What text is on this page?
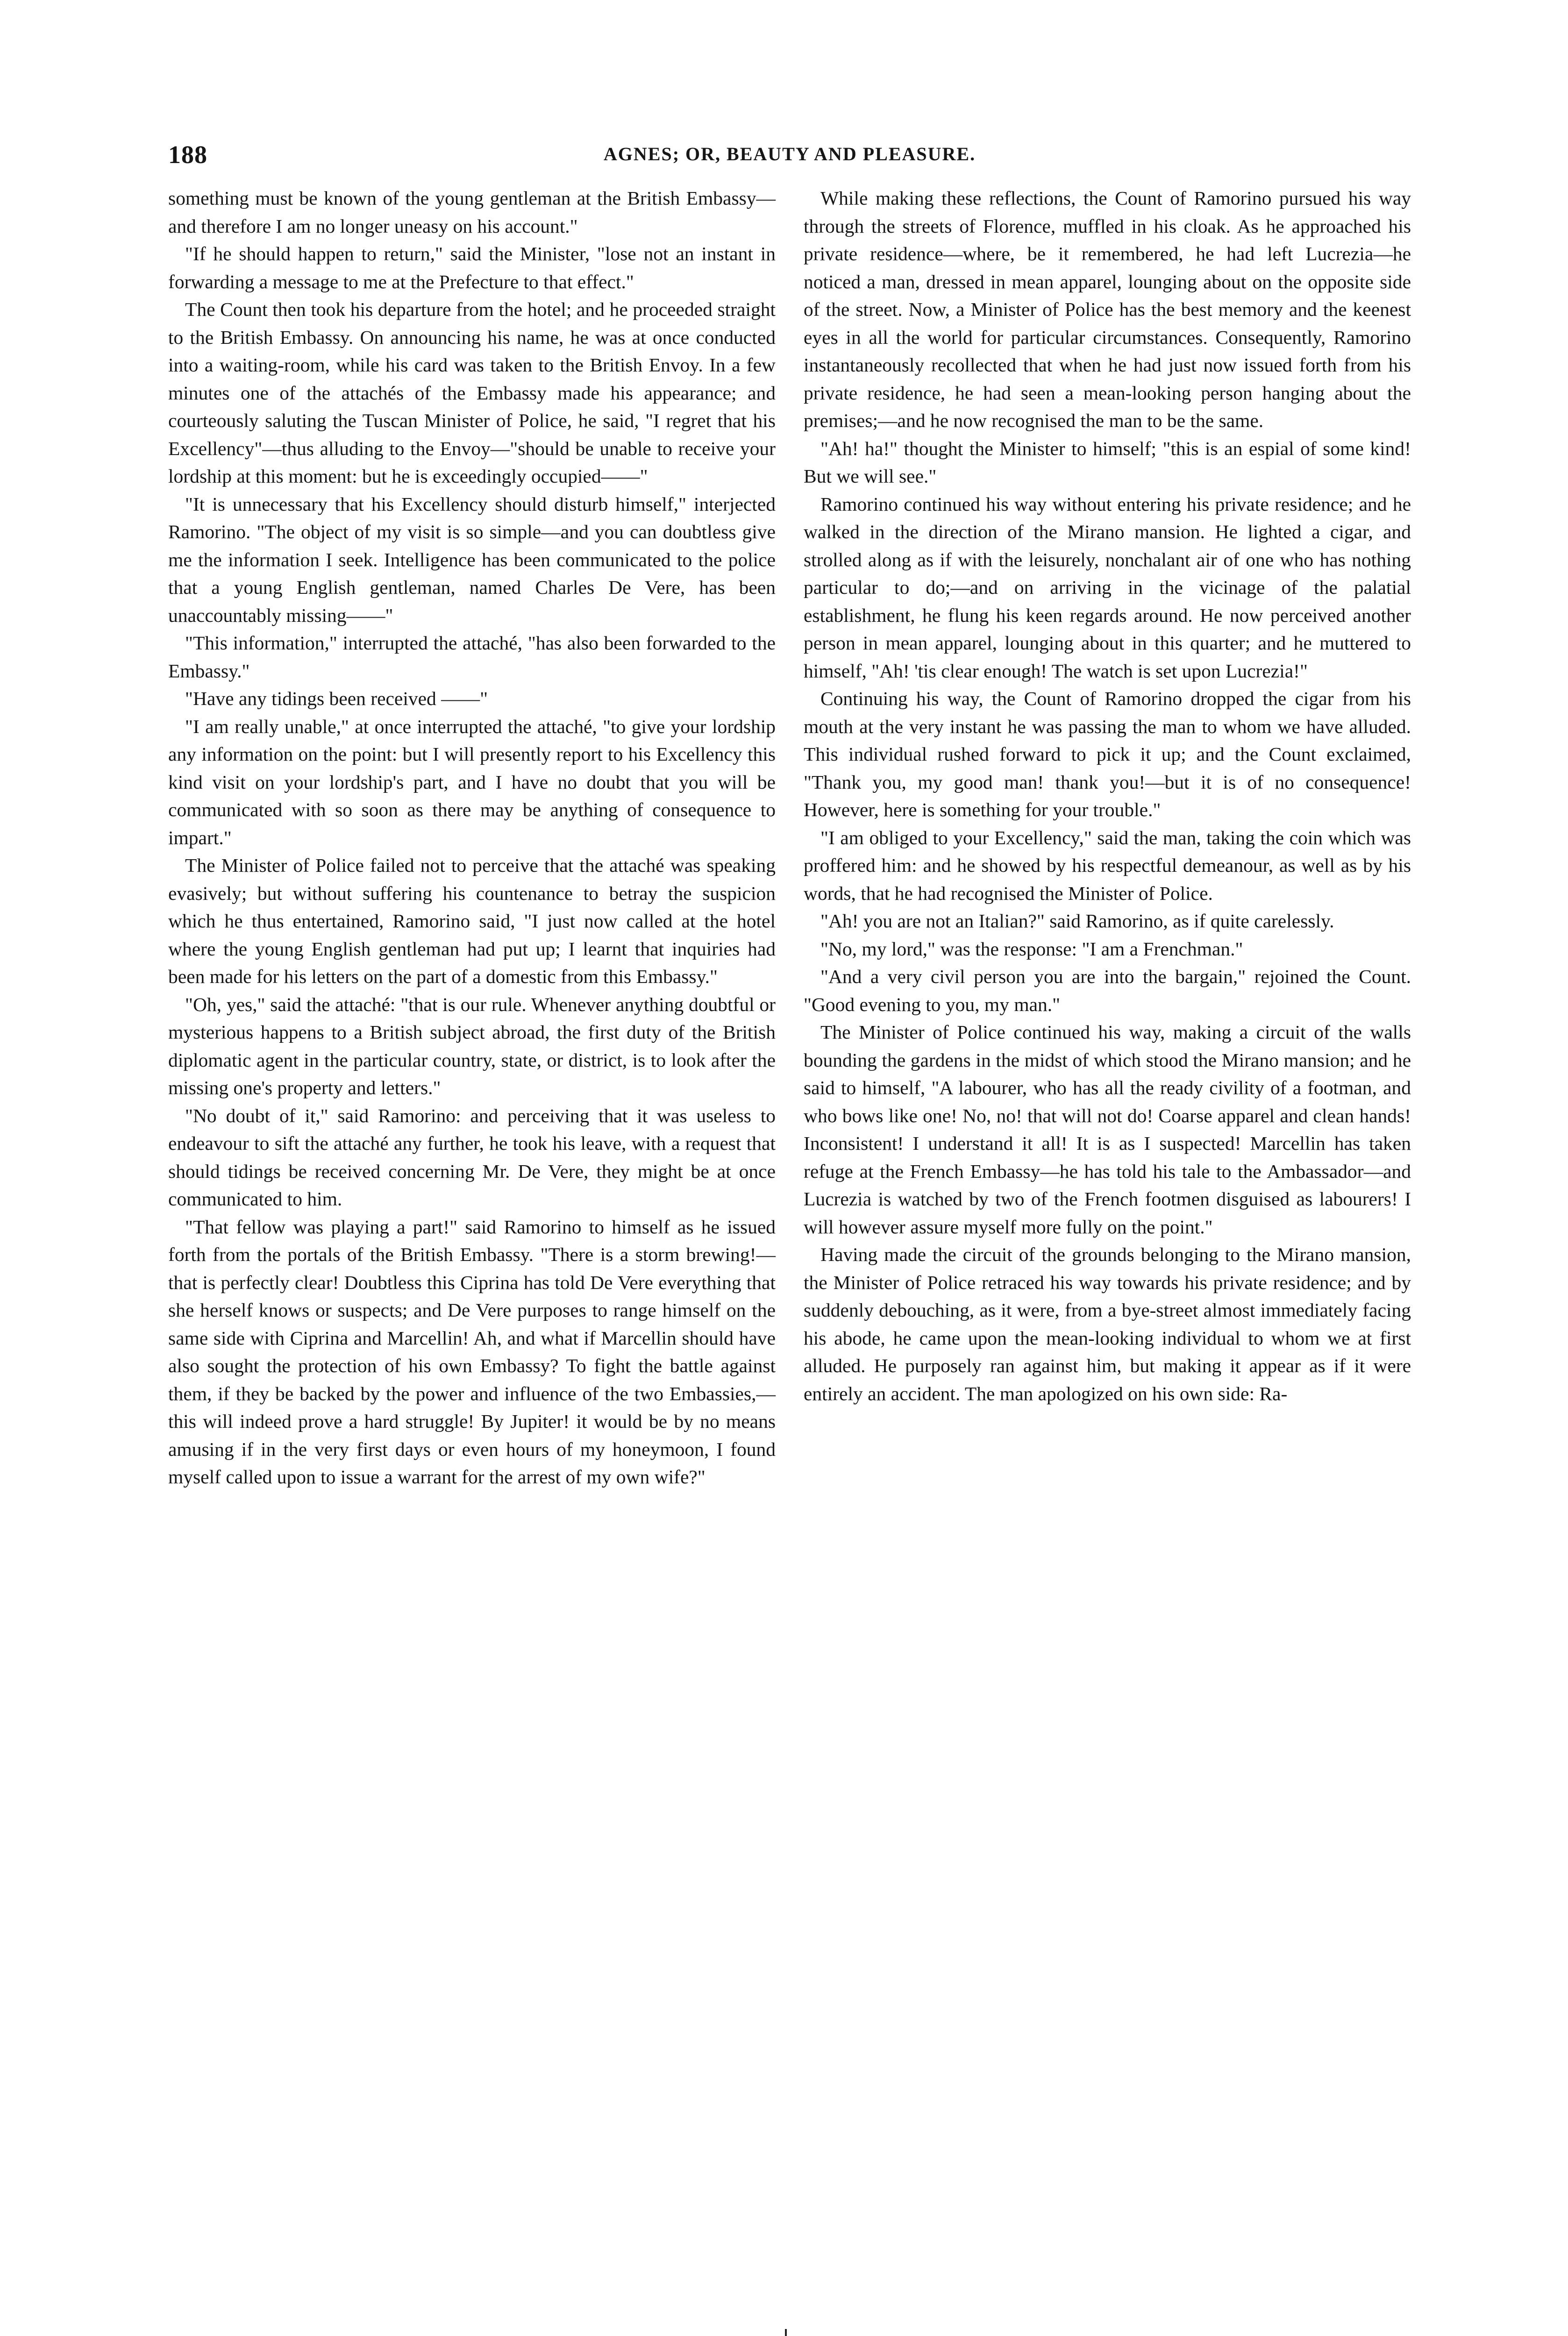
188	AGNES; OR, BEAUTY AND PLEASURE.

something must be known of the young gentleman at the British Embassy—and therefore I am no longer uneasy on his account."

"If he should happen to return," said the Minister, "lose not an instant in forwarding a message to me at the Prefecture to that effect."

The Count then took his departure from the hotel; and he proceeded straight to the British Embassy. On announcing his name, he was at once conducted into a waiting-room, while his card was taken to the British Envoy. In a few minutes one of the attachés of the Embassy made his appearance; and courteously saluting the Tuscan Minister of Police, he said, "I regret that his Excellency"—thus alluding to the Envoy—"should be unable to receive your lordship at this moment: but he is exceedingly occupied——"

"It is unnecessary that his Excellency should disturb himself," interjected Ramorino. "The object of my visit is so simple—and you can doubtless give me the information I seek. Intelligence has been communicated to the police that a young English gentleman, named Charles De Vere, has been unaccountably missing——"

"This information," interrupted the attaché, "has also been forwarded to the Embassy."

"Have any tidings been received ——"

"I am really unable," at once interrupted the attaché, "to give your lordship any information on the point: but I will presently report to his Excellency this kind visit on your lordship's part, and I have no doubt that you will be communicated with so soon as there may be anything of consequence to impart."

The Minister of Police failed not to perceive that the attaché was speaking evasively; but without suffering his countenance to betray the suspicion which he thus entertained, Ramorino said, "I just now called at the hotel where the young English gentleman had put up; I learnt that inquiries had been made for his letters on the part of a domestic from this Embassy."

"Oh, yes," said the attaché: "that is our rule. Whenever anything doubtful or mysterious happens to a British subject abroad, the first duty of the British diplomatic agent in the particular country, state, or district, is to look after the missing one's property and letters."

"No doubt of it," said Ramorino: and perceiving that it was useless to endeavour to sift the attaché any further, he took his leave, with a request that should tidings be received concerning Mr. De Vere, they might be at once communicated to him.

"That fellow was playing a part!" said Ramorino to himself as he issued forth from the portals of the British Embassy. "There is a storm brewing!—that is perfectly clear! Doubtless this Ciprina has told De Vere everything that she herself knows or suspects; and De Vere purposes to range himself on the same side with Ciprina and Marcellin! Ah, and what if Marcellin should have also sought the protection of his own Embassy? To fight the battle against them, if they be backed by the power and influence of the two Embassies,—this will indeed prove a hard struggle! By Jupiter! it would be by no means amusing if in the very first days or even hours of my honeymoon, I found myself called upon to issue a warrant for the arrest of my own wife?"

While making these reflections, the Count of Ramorino pursued his way through the streets of Florence, muffled in his cloak. As he approached his private residence—where, be it remembered, he had left Lucrezia—he noticed a man, dressed in mean apparel, lounging about on the opposite side of the street. Now, a Minister of Police has the best memory and the keenest eyes in all the world for particular circumstances. Consequently, Ramorino instantaneously recollected that when he had just now issued forth from his private residence, he had seen a mean-looking person hanging about the premises;—and he now recognised the man to be the same.

"Ah! ha!" thought the Minister to himself; "this is an espial of some kind! But we will see."

Ramorino continued his way without entering his private residence; and he walked in the direction of the Mirano mansion. He lighted a cigar, and strolled along as if with the leisurely, nonchalant air of one who has nothing particular to do;—and on arriving in the vicinage of the palatial establishment, he flung his keen regards around. He now perceived another person in mean apparel, lounging about in this quarter; and he muttered to himself, "Ah! 'tis clear enough! The watch is set upon Lucrezia!"

Continuing his way, the Count of Ramorino dropped the cigar from his mouth at the very instant he was passing the man to whom we have alluded. This individual rushed forward to pick it up; and the Count exclaimed, "Thank you, my good man! thank you!—but it is of no consequence! However, here is something for your trouble."

"I am obliged to your Excellency," said the man, taking the coin which was proffered him: and he showed by his respectful demeanour, as well as by his words, that he had recognised the Minister of Police.

"Ah! you are not an Italian?" said Ramorino, as if quite carelessly.

"No, my lord," was the response: "I am a Frenchman."

"And a very civil person you are into the bargain," rejoined the Count. "Good evening to you, my man."

The Minister of Police continued his way, making a circuit of the walls bounding the gardens in the midst of which stood the Mirano mansion; and he said to himself, "A labourer, who has all the ready civility of a footman, and who bows like one! No, no! that will not do! Coarse apparel and clean hands! Inconsistent! I understand it all! It is as I suspected! Marcellin has taken refuge at the French Embassy—he has told his tale to the Ambassador—and Lucrezia is watched by two of the French footmen disguised as labourers! I will however assure myself more fully on the point."

Having made the circuit of the grounds belonging to the Mirano mansion, the Minister of Police retraced his way towards his private residence; and by suddenly debouching, as it were, from a bye-street almost immediately facing his abode, he came upon the mean-looking individual to whom we at first alluded. He purposely ran against him, but making it appear as if it were entirely an accident. The man apologized on his own side: Ra-
